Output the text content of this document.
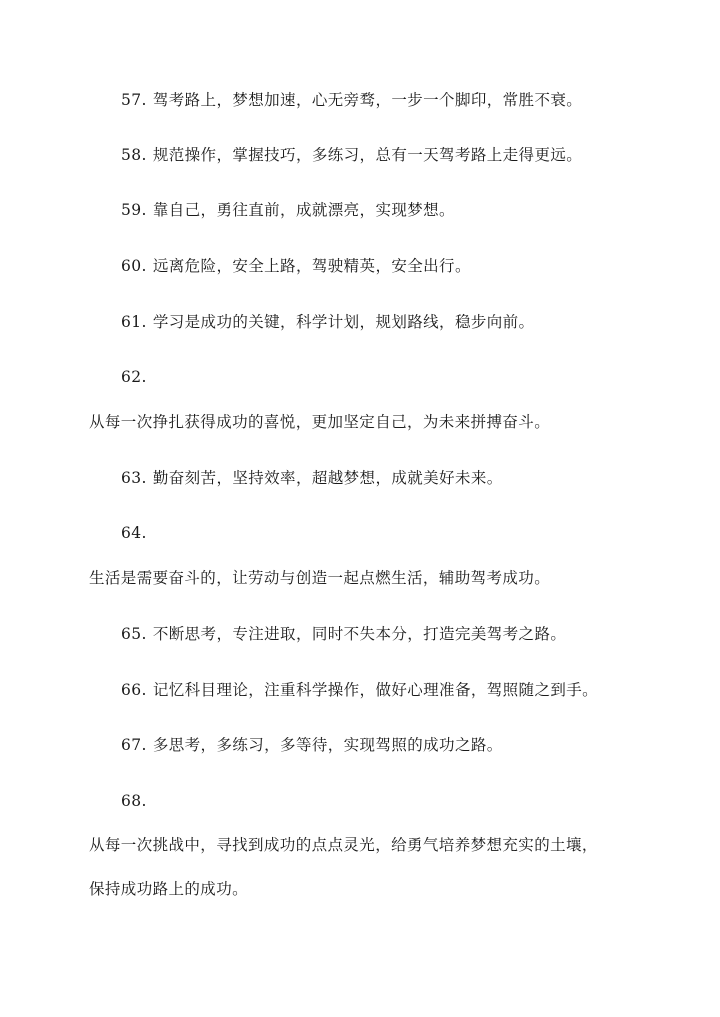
57. 驾考路上，梦想加速，心无旁骛，一步一个脚印，常胜不衰。
58. 规范操作，掌握技巧，多练习，总有一天驾考路上走得更远。
59. 靠自己，勇往直前，成就漂亮，实现梦想。
60. 远离危险，安全上路，驾驶精英，安全出行。
61. 学习是成功的关键，科学计划，规划路线，稳步向前。
62.
从每一次挣扎获得成功的喜悦，更加坚定自己，为未来拼搏奋斗。
63. 勤奋刻苦，坚持效率，超越梦想，成就美好未来。
64.
生活是需要奋斗的，让劳动与创造一起点燃生活，辅助驾考成功。
65. 不断思考，专注进取，同时不失本分，打造完美驾考之路。
66. 记忆科目理论，注重科学操作，做好心理准备，驾照随之到手。
67. 多思考，多练习，多等待，实现驾照的成功之路。
68.
从每一次挑战中，寻找到成功的点点灵光，给勇气培养梦想充实的土壤，
保持成功路上的成功。
